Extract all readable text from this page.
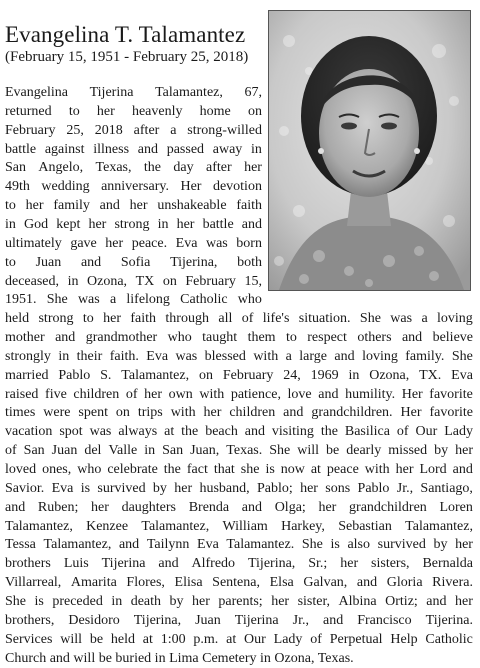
Evangelina T. Talamantez
(February 15, 1951 - February 25, 2018)
Evangelina Tijerina Talamantez, 67,
returned to her heavenly home on
February 25, 2018 after a strong-willed
battle against illness and passed away in
San Angelo, Texas, the day after her
49th wedding anniversary. Her devotion
to her family and her unshakeable faith
in God kept her strong in her battle and
ultimately gave her peace. Eva was born
to Juan and Sofia Tijerina, both
deceased, in Ozona, TX on February 15,
1951. She was a lifelong Catholic who
held strong to her faith through all of life's situation. She was a loving
mother and grandmother who taught them to respect others and believe
strongly in their faith. Eva was blessed with a large and loving family. She
married Pablo S. Talamantez, on February 24, 1969 in Ozona, TX. Eva
raised five children of her own with patience, love and humility. Her favorite
times were spent on trips with her children and grandchildren. Her favorite
vacation spot was always at the beach and visiting the Basilica of Our Lady
of San Juan del Valle in San Juan, Texas. She will be dearly missed by her
loved ones, who celebrate the fact that she is now at peace with her Lord and
Savior. Eva is survived by her husband, Pablo; her sons Pablo Jr., Santiago,
and Ruben; her daughters Brenda and Olga; her grandchildren Loren
Talamantez, Kenzee Talamantez, William Harkey, Sebastian Talamantez,
Tessa Talamantez, and Tailynn Eva Talamantez. She is also survived by her
brothers Luis Tijerina and Alfredo Tijerina, Sr.; her sisters, Bernalda
Villarreal, Amarita Flores, Elisa Sentena, Elsa Galvan, and Gloria Rivera.
She is preceded in death by her parents; her sister, Albina Ortiz; and her
brothers, Desidoro Tijerina, Juan Tijerina Jr., and Francisco Tijerina.
Services will be held at 1:00 p.m. at Our Lady of Perpetual Help Catholic
Church and will be buried in Lima Cemetery in Ozona, Texas.
